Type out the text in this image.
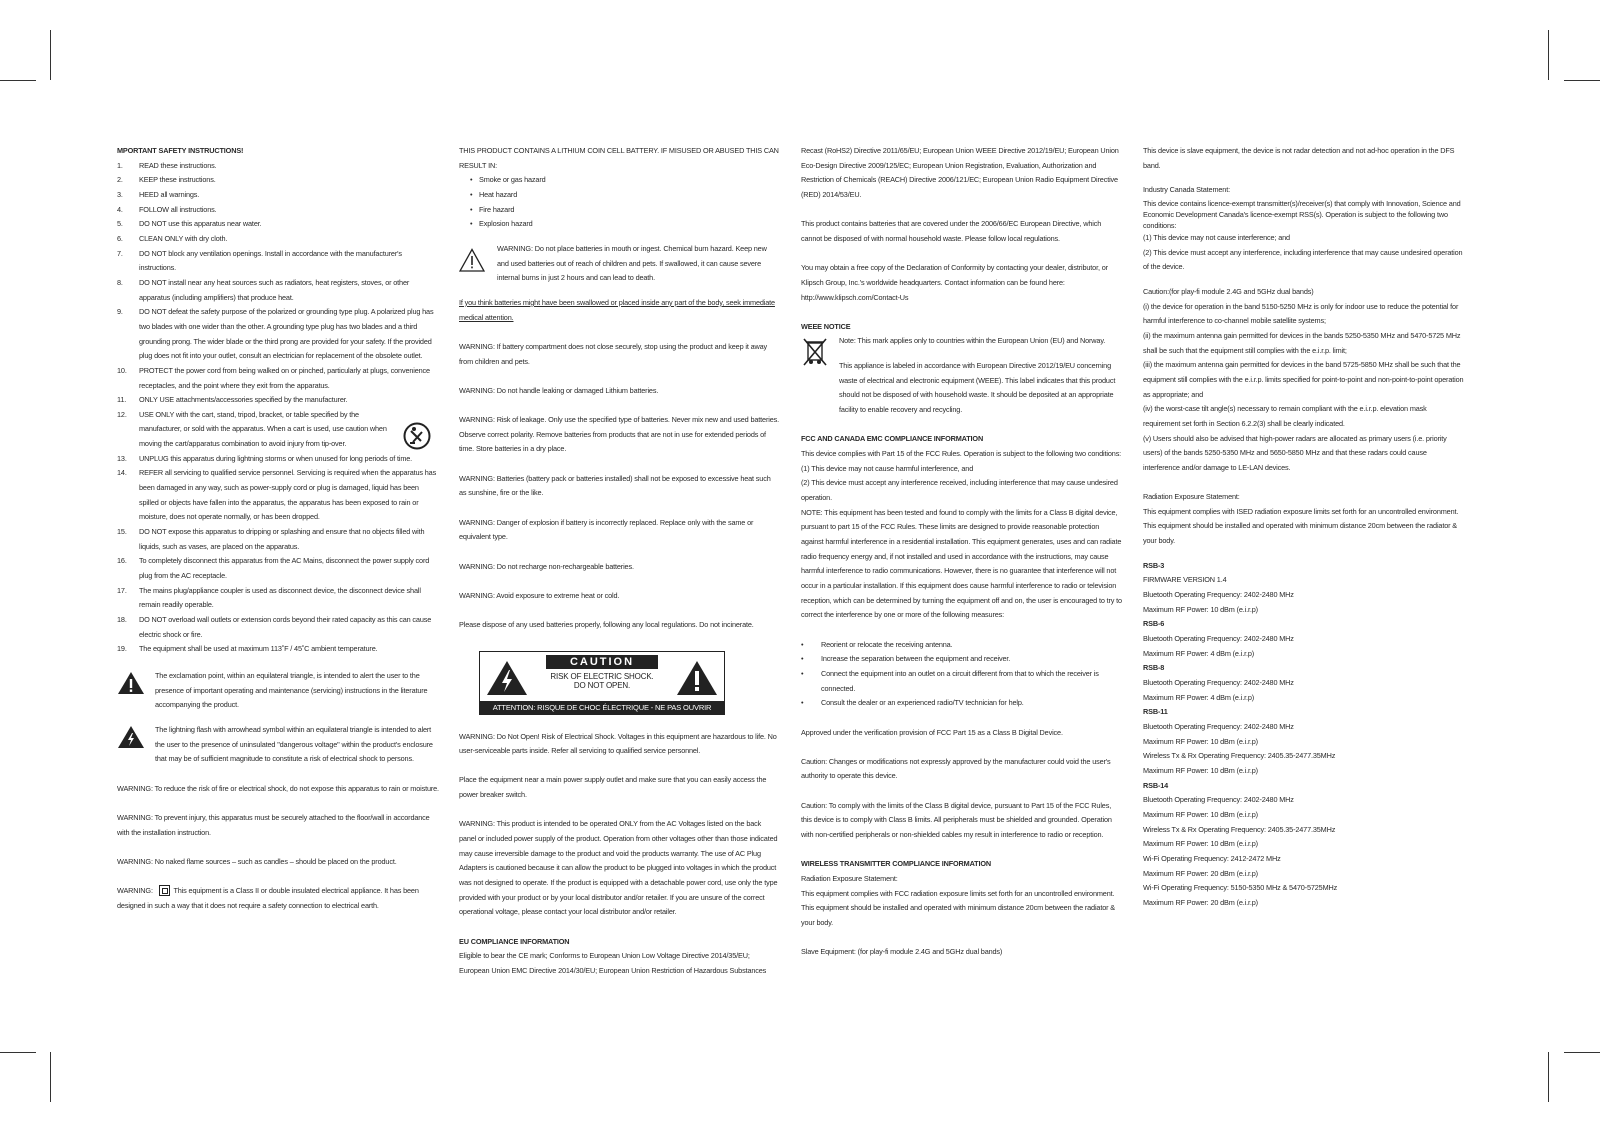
MPORTANT SAFETY INSTRUCTIONS!

1. READ these instructions.
2. KEEP these instructions.
3. HEED all warnings.
4. FOLLOW all instructions.
5. DO NOT use this apparatus near water.
6. CLEAN ONLY with dry cloth.
7. DO NOT block any ventilation openings. Install in accordance with the manufacturer's instructions.
8. DO NOT install near any heat sources such as radiators, heat registers, stoves, or other apparatus (including amplifiers) that produce heat.
9. DO NOT defeat the safety purpose of the polarized or grounding type plug. A polarized plug has two blades with one wider than the other. A grounding type plug has two blades and a third grounding prong. The wider blade or the third prong are provided for your safety. If the provided plug does not fit into your outlet, consult an electrician for replacement of the obsolete outlet.
10. PROTECT the power cord from being walked on or pinched, particularly at plugs, convenience receptacles, and the point where they exit from the apparatus.
11. ONLY USE attachments/accessories specified by the manufacturer.
12. USE ONLY with the cart, stand, tripod, bracket, or table specified by the manufacturer, or sold with the apparatus. When a cart is used, use caution when moving the cart/apparatus combination to avoid injury from tip-over.
13. UNPLUG this apparatus during lightning storms or when unused for long periods of time.
14. REFER all servicing to qualified service personnel. Servicing is required when the apparatus has been damaged in any way, such as power-supply cord or plug is damaged, liquid has been spilled or objects have fallen into the apparatus, the apparatus has been exposed to rain or moisture, does not operate normally, or has been dropped.
15. DO NOT expose this apparatus to dripping or splashing and ensure that no objects filled with liquids, such as vases, are placed on the apparatus.
16. To completely disconnect this apparatus from the AC Mains, disconnect the power supply cord plug from the AC receptacle.
17. The mains plug/appliance coupler is used as disconnect device, the disconnect device shall remain readily operable.
18. DO NOT overload wall outlets or extension cords beyond their rated capacity as this can cause electric shock or fire.
19. The equipment shall be used at maximum 113˚F / 45˚C ambient temperature.

The exclamation point, within an equilateral triangle, is intended to alert the user to the presence of important operating and maintenance (servicing) instructions in the literature accompanying the product.

The lightning flash with arrowhead symbol within an equilateral triangle is intended to alert the user to the presence of uninsulated "dangerous voltage" within the product's enclosure that may be of sufficient magnitude to constitute a risk of electrical shock to persons.

WARNING: To reduce the risk of fire or electrical shock, do not expose this apparatus to rain or moisture.

WARNING: To prevent injury, this apparatus must be securely attached to the floor/wall in accordance with the installation instruction.

WARNING: No naked flame sources – such as candles – should be placed on the product.

WARNING:	This equipment is a Class II or double insulated electrical appliance. It has been designed in such a way that it does not require a safety connection to electrical earth.

THIS PRODUCT CONTAINS A LITHIUM COIN CELL BATTERY. IF MISUSED OR ABUSED THIS CAN RESULT IN:

• Smoke or gas hazard
• Heat hazard
• Fire hazard
• Explosion hazard

WARNING: Do not place batteries in mouth or ingest. Chemical burn hazard. Keep new and used batteries out of reach of children and pets. If swallowed, it can cause severe internal burns in just 2 hours and can lead to death.

If you think batteries might have been swallowed or placed inside any part of the body, seek immediate medical attention.

WARNING: If battery compartment does not close securely, stop using the product and keep it away from children and pets.

WARNING: Do not handle leaking or damaged Lithium batteries.

WARNING: Risk of leakage. Only use the specified type of batteries. Never mix new and used batteries. Observe correct polarity. Remove batteries from products that are not in use for extended periods of time. Store batteries in a dry place.

WARNING: Batteries (battery pack or batteries installed) shall not be exposed to excessive heat such as sunshine, fire or the like.

WARNING: Danger of explosion if battery is incorrectly replaced. Replace only with the same or equivalent type.

WARNING: Do not recharge non-rechargeable batteries.

WARNING: Avoid exposure to extreme heat or cold.

Please dispose of any used batteries properly, following any local regulations. Do not incinerate.

CAUTION
RISK OF ELECTRIC SHOCK.
DO NOT OPEN.
ATTENTION: RISQUE DE CHOC ÉLECTRIQUE - NE PAS OUVRIR

WARNING: Do Not Open! Risk of Electrical Shock. Voltages in this equipment are hazardous to life. No user-serviceable parts inside. Refer all servicing to qualified service personnel.

Place the equipment near a main power supply outlet and make sure that you can easily access the power breaker switch.

WARNING: This product is intended to be operated ONLY from the AC Voltages listed on the back panel or included power supply of the product. Operation from other voltages other than those indicated may cause irreversible damage to the product and void the products warranty. The use of AC Plug Adapters is cautioned because it can allow the product to be plugged into voltages in which the product was not designed to operate. If the product is equipped with a detachable power cord, use only the type provided with your product or by your local distributor and/or retailer. If you are unsure of the correct operational voltage, please contact your local distributor and/or retailer.

EU COMPLIANCE INFORMATION

Eligible to bear the CE mark; Conforms to European Union Low Voltage Directive 2014/35/EU; European Union EMC Directive 2014/30/EU; European Union Restriction of Hazardous Substances

Recast (RoHS2) Directive 2011/65/EU; European Union WEEE Directive 2012/19/EU; European Union Eco-Design Directive 2009/125/EC; European Union Registration, Evaluation, Authorization and Restriction of Chemicals (REACH) Directive 2006/121/EC; European Union Radio Equipment Directive (RED) 2014/53/EU.

This product contains batteries that are covered under the 2006/66/EC European Directive, which cannot be disposed of with normal household waste. Please follow local regulations.

You may obtain a free copy of the Declaration of Conformity by contacting your dealer, distributor, or Klipsch Group, Inc.'s worldwide headquarters. Contact information can be found here: http://www.klipsch.com/Contact-Us

WEEE NOTICE

Note: This mark applies only to countries within the European Union (EU) and Norway.

This appliance is labeled in accordance with European Directive 2012/19/EU concerning waste of electrical and electronic equipment (WEEE). This label indicates that this product should not be disposed of with household waste. It should be deposited at an appropriate facility to enable recovery and recycling.

FCC AND CANADA EMC COMPLIANCE INFORMATION

This device complies with Part 15 of the FCC Rules. Operation is subject to the following two conditions:

(1) This device may not cause harmful interference, and

(2) This device must accept any interference received, including interference that may cause undesired operation.

NOTE: This equipment has been tested and found to comply with the limits for a Class B digital device, pursuant to part 15 of the FCC Rules. These limits are designed to provide reasonable protection against harmful interference in a residential installation. This equipment generates, uses and can radiate radio frequency energy and, if not installed and used in accordance with the instructions, may cause harmful interference to radio communications. However, there is no guarantee that interference will not occur in a particular installation. If this equipment does cause harmful interference to radio or television reception, which can be determined by turning the equipment off and on, the user is encouraged to try to correct the interference by one or more of the following measures:

• Reorient or relocate the receiving antenna.
• Increase the separation between the equipment and receiver.
• Connect the equipment into an outlet on a circuit different from that to which the receiver is connected.
• Consult the dealer or an experienced radio/TV technician for help.

Approved under the verification provision of FCC Part 15 as a Class B Digital Device.

Caution: Changes or modifications not expressly approved by the manufacturer could void the user's authority to operate this device.

Caution: To comply with the limits of the Class B digital device, pursuant to Part 15 of the FCC Rules, this device is to comply with Class B limits. All peripherals must be shielded and grounded. Operation with non-certified peripherals or non-shielded cables my result in interference to radio or reception.

WIRELESS TRANSMITTER COMPLIANCE INFORMATION

Radiation Exposure Statement:

This equipment complies with FCC radiation exposure limits set forth for an uncontrolled environment. This equipment should be installed and operated with minimum distance 20cm between the radiator & your body.

Slave Equipment: (for play-fi module 2.4G and 5GHz dual bands)

This device is slave equipment, the device is not radar detection and not ad-hoc operation in the DFS band.

Industry Canada Statement:

This device contains licence-exempt transmitter(s)/receiver(s) that comply with Innovation, Science and Economic Development Canada's licence-exempt RSS(s). Operation is subject to the following two conditions:

(1) This device may not cause interference; and

(2) This device must accept any interference, including interference that may cause undesired operation of the device.

Caution:(for play-fi module 2.4G and 5GHz dual bands)

(i) the device for operation in the band 5150-5250 MHz is only for indoor use to reduce the potential for harmful interference to co-channel mobile satellite systems;

(ii) the maximum antenna gain permitted for devices in the bands 5250-5350 MHz and 5470-5725 MHz shall be such that the equipment still complies with the e.i.r.p. limit;

(iii) the maximum antenna gain permitted for devices in the band 5725-5850 MHz shall be such that the equipment still complies with the e.i.r.p. limits specified for point-to-point and non-point-to-point operation as appropriate; and

(iv) the worst-case tilt angle(s) necessary to remain compliant with the e.i.r.p. elevation mask requirement set forth in Section 6.2.2(3) shall be clearly indicated.

(v) Users should also be advised that high-power radars are allocated as primary users (i.e. priority users) of the bands 5250-5350 MHz and 5650-5850 MHz and that these radars could cause interference and/or damage to LE-LAN devices.

Radiation Exposure Statement:

This equipment complies with ISED radiation exposure limits set forth for an uncontrolled environment. This equipment should be installed and operated with minimum distance 20cm between the radiator & your body.

RSB-3

FIRMWARE VERSION 1.4

Bluetooth Operating Frequency: 2402-2480 MHz

Maximum RF Power: 10 dBm (e.i.r.p)

RSB-6

Bluetooth Operating Frequency: 2402-2480 MHz

Maximum RF Power: 4 dBm (e.i.r.p)

RSB-8

Bluetooth Operating Frequency: 2402-2480 MHz

Maximum RF Power: 4 dBm (e.i.r.p)

RSB-11

Bluetooth Operating Frequency: 2402-2480 MHz

Maximum RF Power: 10 dBm (e.i.r.p)

Wireless Tx & Rx Operating Frequency: 2405.35-2477.35MHz

Maximum RF Power: 10 dBm (e.i.r.p)

RSB-14

Bluetooth Operating Frequency: 2402-2480 MHz

Maximum RF Power: 10 dBm (e.i.r.p)

Wireless Tx & Rx Operating Frequency: 2405.35-2477.35MHz

Maximum RF Power: 10 dBm (e.i.r.p)

Wi-Fi Operating Frequency: 2412-2472 MHz

Maximum RF Power: 20 dBm (e.i.r.p)

Wi-Fi Operating Frequency: 5150-5350 MHz & 5470-5725MHz

Maximum RF Power: 20 dBm (e.i.r.p)
